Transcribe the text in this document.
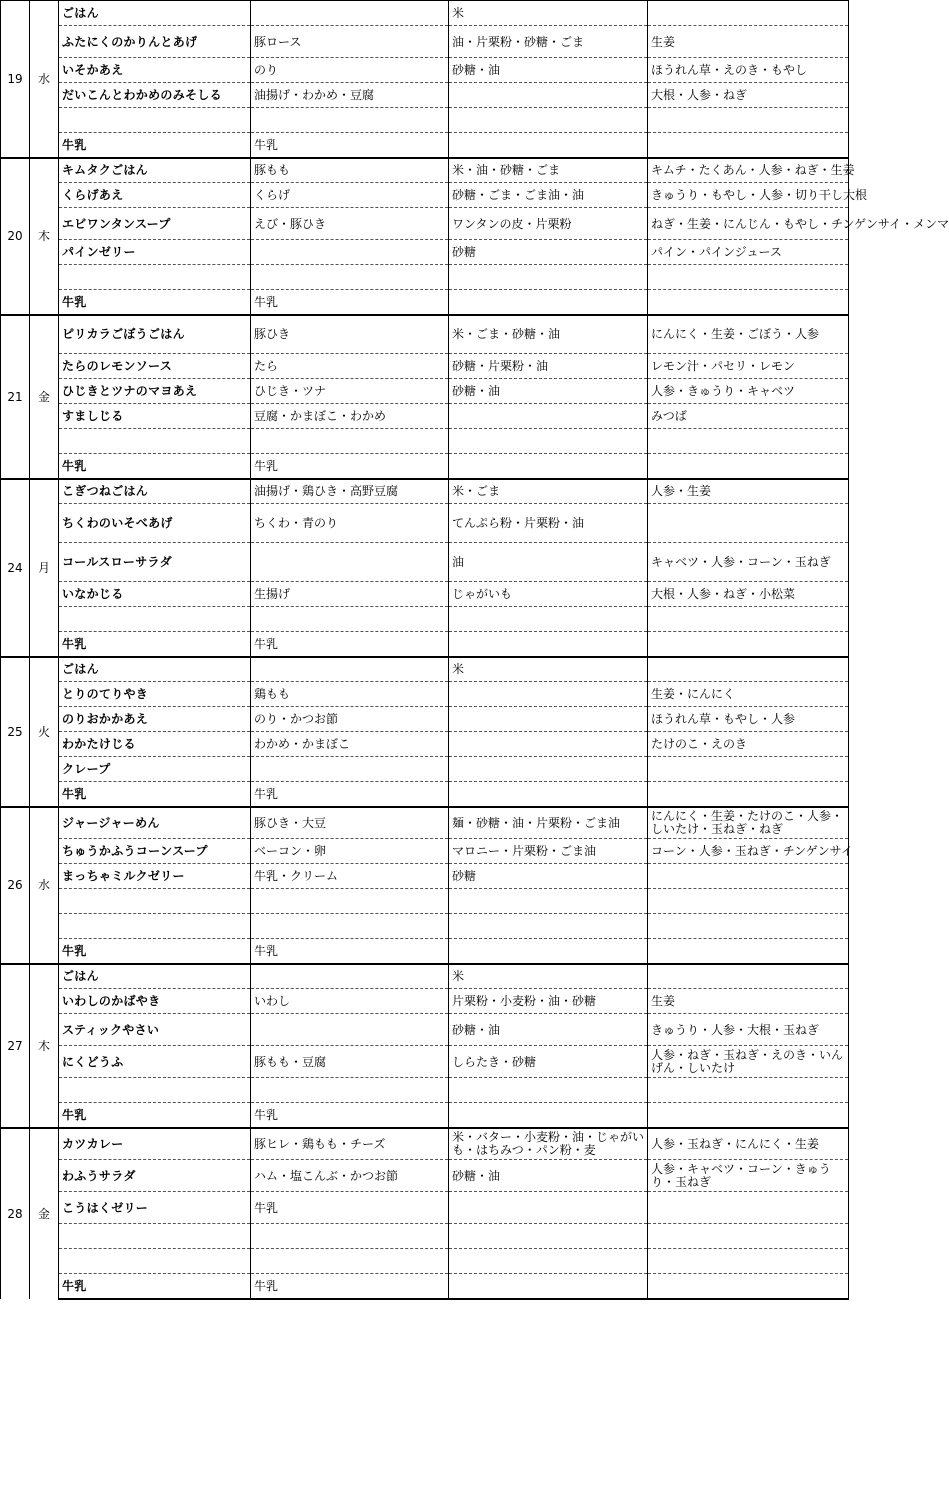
19	水	ごはん		米	
		ふたにくのかりんとあげ	豚ロース	油・片栗粉・砂糖・ごま	生姜
		いそかあえ	のり	砂糖・油	ほうれん草・えのき・もやし
		だいこんとわかめのみそしる	油揚げ・わかめ・豆腐		大根・人参・ねぎ

		牛乳	牛乳		
20	木	キムタクごはん	豚もも	米・油・砂糖・ごま	キムチ・たくあん・人参・ねぎ・生姜
		くらげあえ	くらげ	砂糖・ごま・ごま油・油	きゅうり・もやし・人参・切り干し大根
		エビワンタンスープ	えび・豚ひき	ワンタンの皮・片栗粉	ねぎ・生姜・にんじん・もやし・チンゲンサイ・メンマ
		パインゼリー		砂糖	パイン・パインジュース

		牛乳	牛乳		
21	金	ピリカラごぼうごはん	豚ひき	米・ごま・砂糖・油	にんにく・生姜・ごぼう・人参
		たらのレモンソース	たら	砂糖・片栗粉・油	レモン汁・パセリ・レモン
		ひじきとツナのマヨあえ	ひじき・ツナ	砂糖・油	人参・きゅうり・キャベツ
		すましじる	豆腐・かまぼこ・わかめ		みつば

		牛乳	牛乳		
24	月	こぎつねごはん	油揚げ・鶏ひき・高野豆腐	米・ごま	人参・生姜
		ちくわのいそべあげ	ちくわ・青のり	てんぷら粉・片栗粉・油	
		コールスローサラダ		油	キャベツ・人参・コーン・玉ねぎ
		いなかじる	生揚げ	じゃがいも	大根・人参・ねぎ・小松菜

		牛乳	牛乳		
25	火	ごはん		米	
		とりのてりやき	鶏もも		生姜・にんにく
		のりおかかあえ	のり・かつお節		ほうれん草・もやし・人参
		わかたけじる	わかめ・かまぼこ		たけのこ・えのき
		クレープ			
		牛乳	牛乳		
26	水	ジャージャーめん	豚ひき・大豆	麺・砂糖・油・片栗粉・ごま油	にんにく・生姜・たけのこ・人参・しいたけ・玉ねぎ・ねぎ
		ちゅうかふうコーンスープ	ベーコン・卵	マロニー・片栗粉・ごま油	コーン・人参・玉ねぎ・チンゲンサイ
		まっちゃミルクゼリー	牛乳・クリーム	砂糖	

		牛乳	牛乳		
27	木	ごはん		米	
		いわしのかばやき	いわし	片栗粉・小麦粉・油・砂糖	生姜
		スティックやさい		砂糖・油	きゅうり・人参・大根・玉ねぎ
		にくどうふ	豚もも・豆腐	しらたき・砂糖	人参・ねぎ・玉ねぎ・えのき・いんげん・しいたけ

		牛乳	牛乳		
28	金	カツカレー	豚ヒレ・鶏もも・チーズ	米・バター・小麦粉・油・じゃがいも・はちみつ・パン粉・麦	人参・玉ねぎ・にんにく・生姜
		わふうサラダ	ハム・塩こんぶ・かつお節	砂糖・油	人参・キャベツ・コーン・きゅうり・玉ねぎ
		こうはくゼリー	牛乳		

		牛乳	牛乳		
